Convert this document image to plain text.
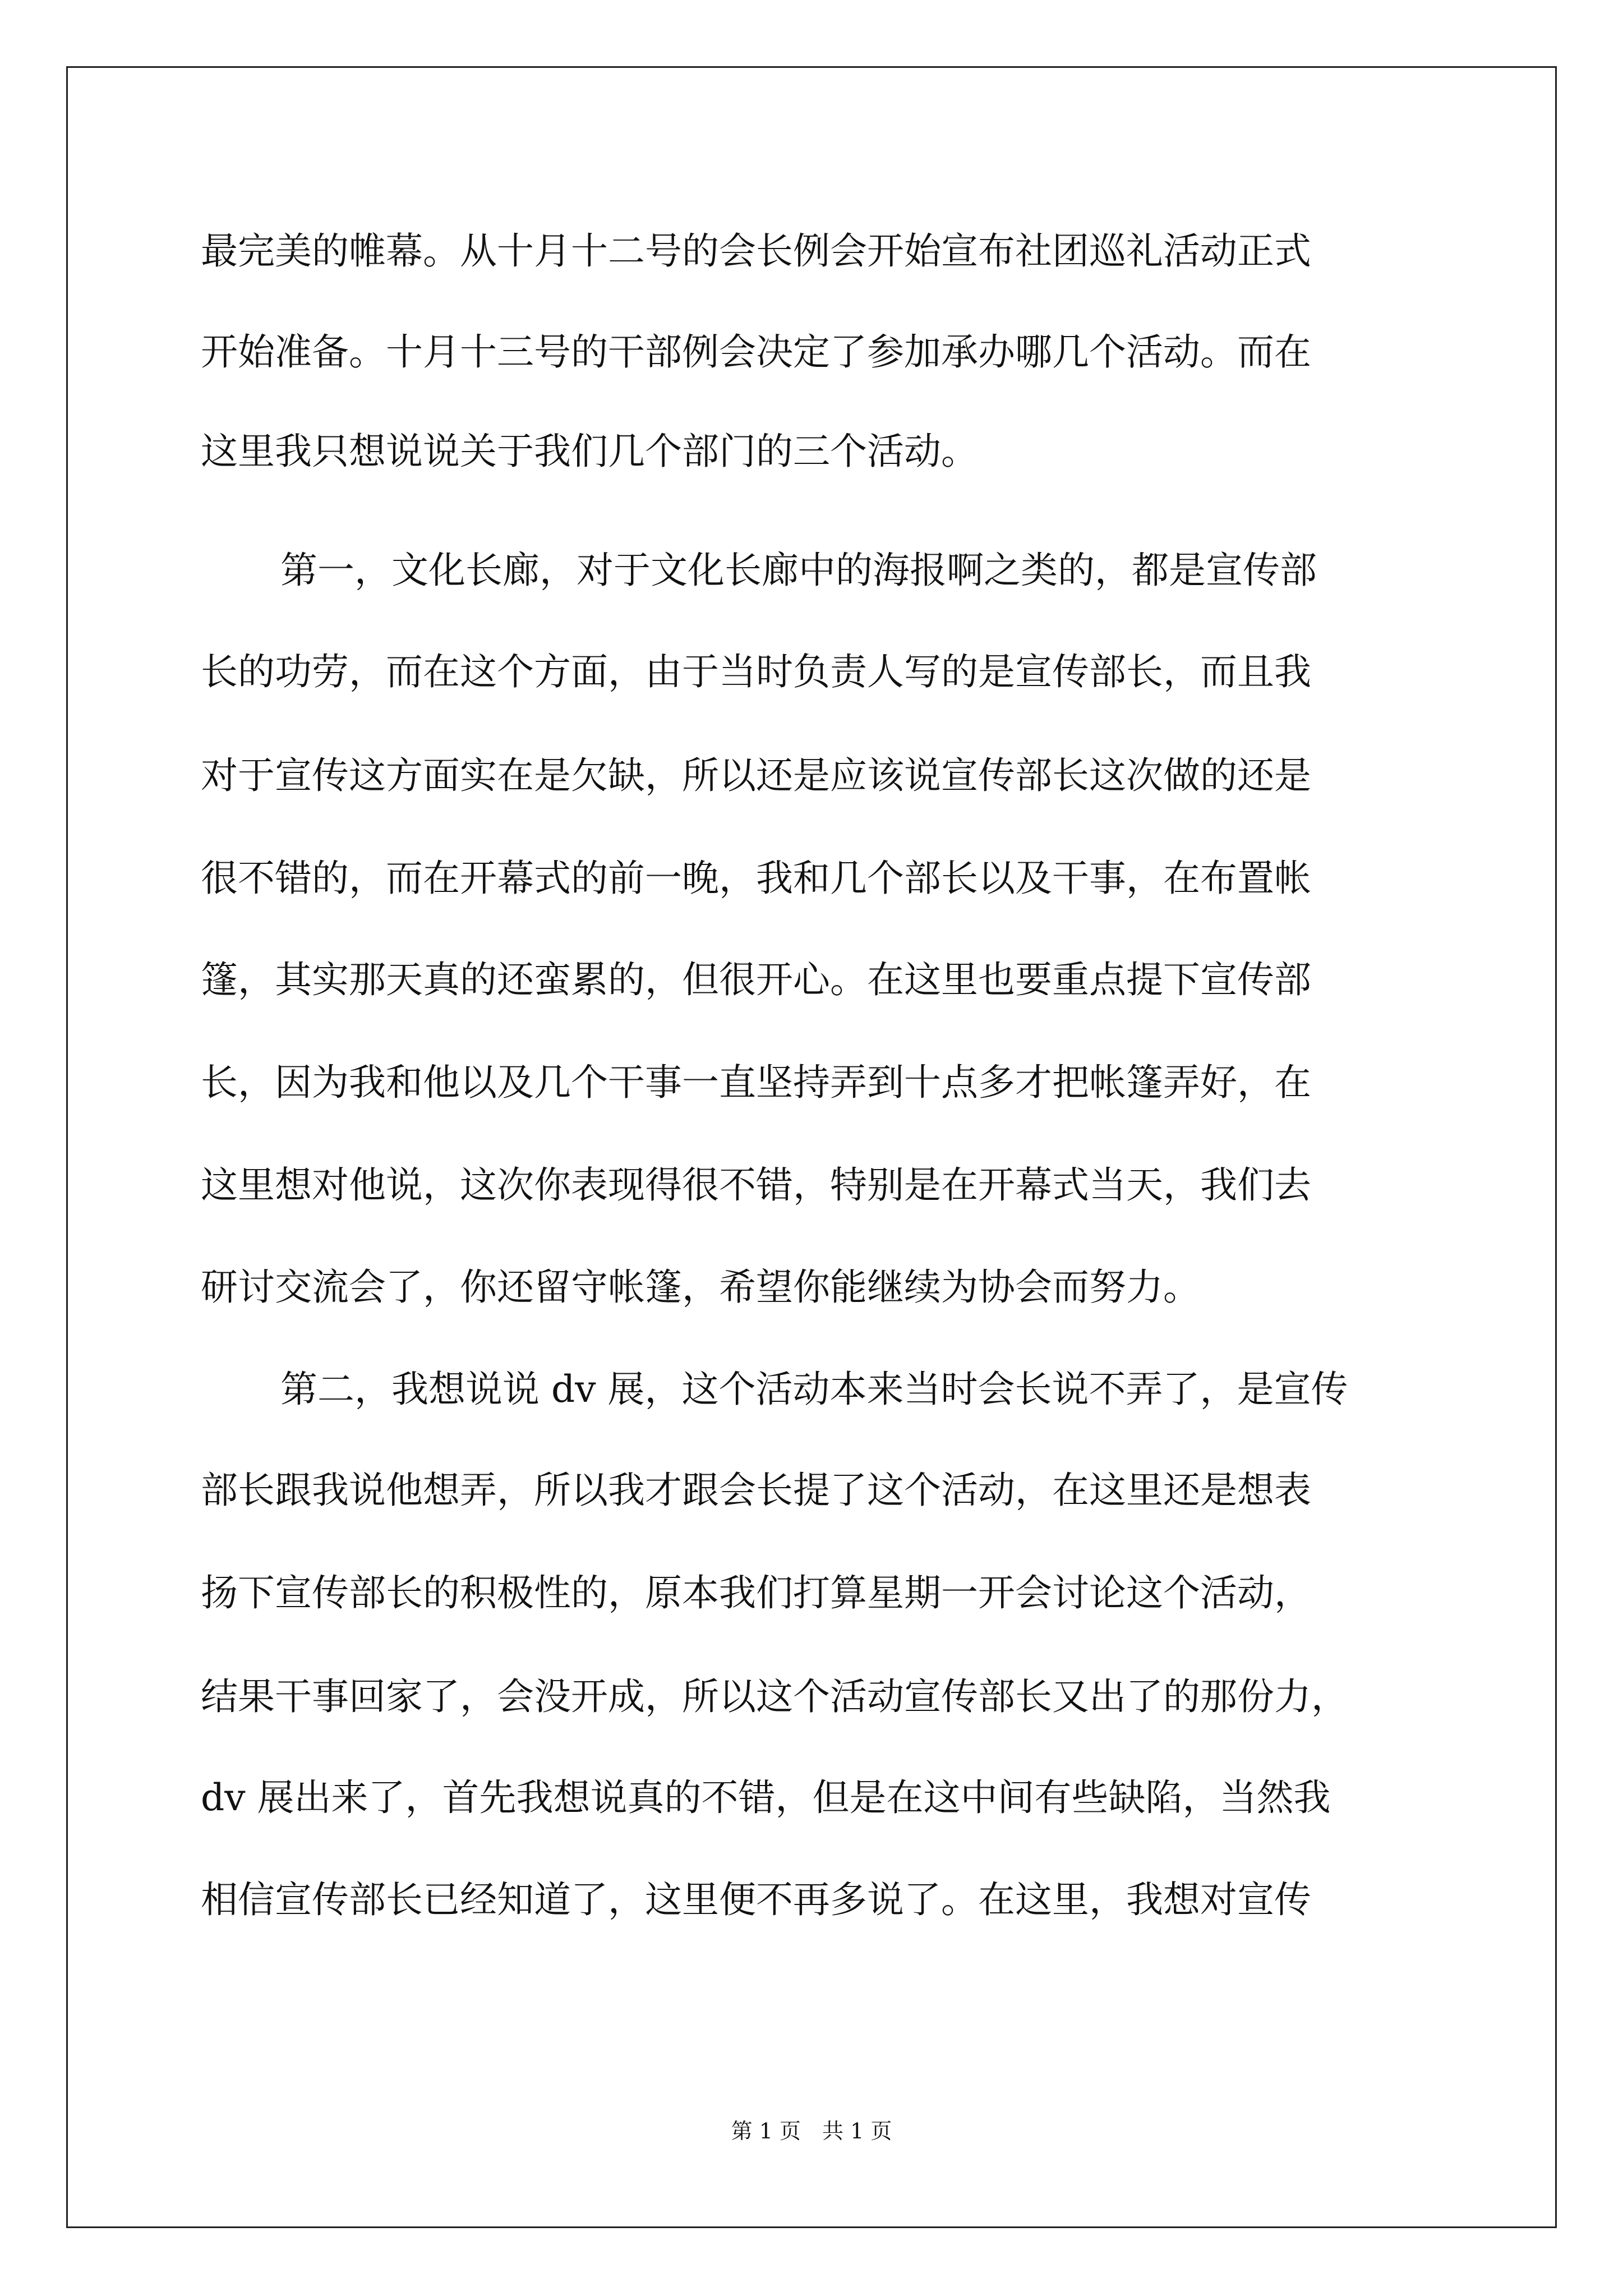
最完美的帷幕。从十月十二号的会长例会开始宣布社团巡礼活动正式
开始准备。十月十三号的干部例会决定了参加承办哪几个活动。而在
这里我只想说说关于我们几个部门的三个活动。
第一，文化长廊，对于文化长廊中的海报啊之类的，都是宣传部
长的功劳，而在这个方面，由于当时负责人写的是宣传部长，而且我
对于宣传这方面实在是欠缺，所以还是应该说宣传部长这次做的还是
很不错的，而在开幕式的前一晚，我和几个部长以及干事，在布置帐
篷，其实那天真的还蛮累的，但很开心。在这里也要重点提下宣传部
长，因为我和他以及几个干事一直坚持弄到十点多才把帐篷弄好，在
这里想对他说，这次你表现得很不错，特别是在开幕式当天，我们去
研讨交流会了，你还留守帐篷，希望你能继续为协会而努力。
第二，我想说说 dv 展，这个活动本来当时会长说不弄了，是宣传
部长跟我说他想弄，所以我才跟会长提了这个活动，在这里还是想表
扬下宣传部长的积极性的，原本我们打算星期一开会讨论这个活动，
结果干事回家了，会没开成，所以这个活动宣传部长又出了的那份力，
dv 展出来了，首先我想说真的不错，但是在这中间有些缺陷，当然我
相信宣传部长已经知道了，这里便不再多说了。在这里，我想对宣传
第 1 页　共 1 页
